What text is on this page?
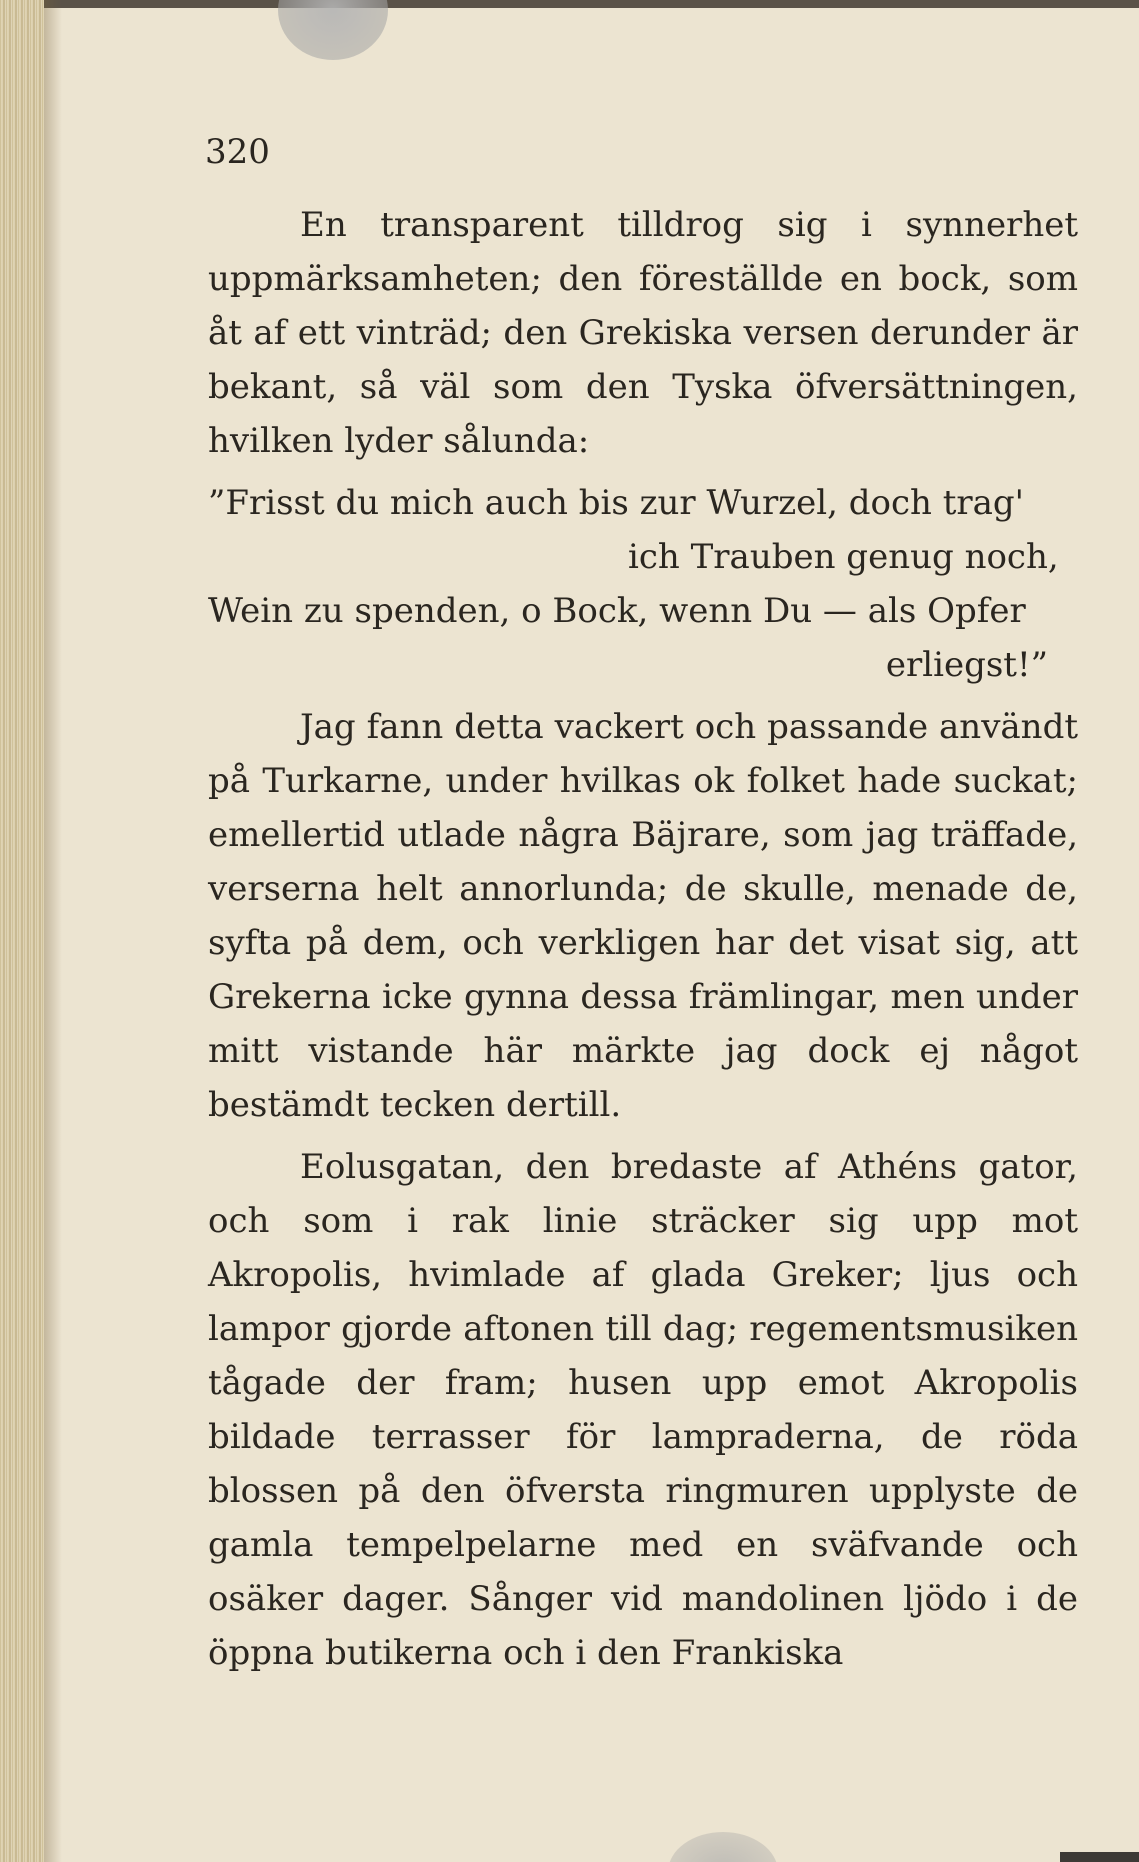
320

En transparent tilldrog sig i synnerhet uppmärksamheten; den föreställde en bock, som åt af ett vinträd; den Grekiska versen derunder är bekant, så väl som den Tyska öfversättningen, hvilken lyder sålunda:

”Frisst du mich auch bis zur Wurzel, doch trag'
ich Trauben genug noch,
Wein zu spenden, o Bock, wenn Du — als Opfer
erliegst!”

Jag fann detta vackert och passande användt på Turkarne, under hvilkas ok folket hade suckat; emellertid utlade några Bäjrare, som jag träffade, verserna helt annorlunda; de skulle, menade de, syfta på dem, och verkligen har det visat sig, att Grekerna icke gynna dessa främlingar, men under mitt vistande här märkte jag dock ej något bestämdt tecken dertill.

Eolusgatan, den bredaste af Athéns gator, och som i rak linie sträcker sig upp mot Akropolis, hvimlade af glada Greker; ljus och lampor gjorde aftonen till dag; regementsmusiken tågade der fram; husen upp emot Akropolis bildade terrasser för lampraderna, de röda blossen på den öfversta ringmuren upplyste de gamla tempelpelarne med en sväfvande och osäker dager. Sånger vid mandolinen ljödo i de öppna butikerna och i den Frankiska
